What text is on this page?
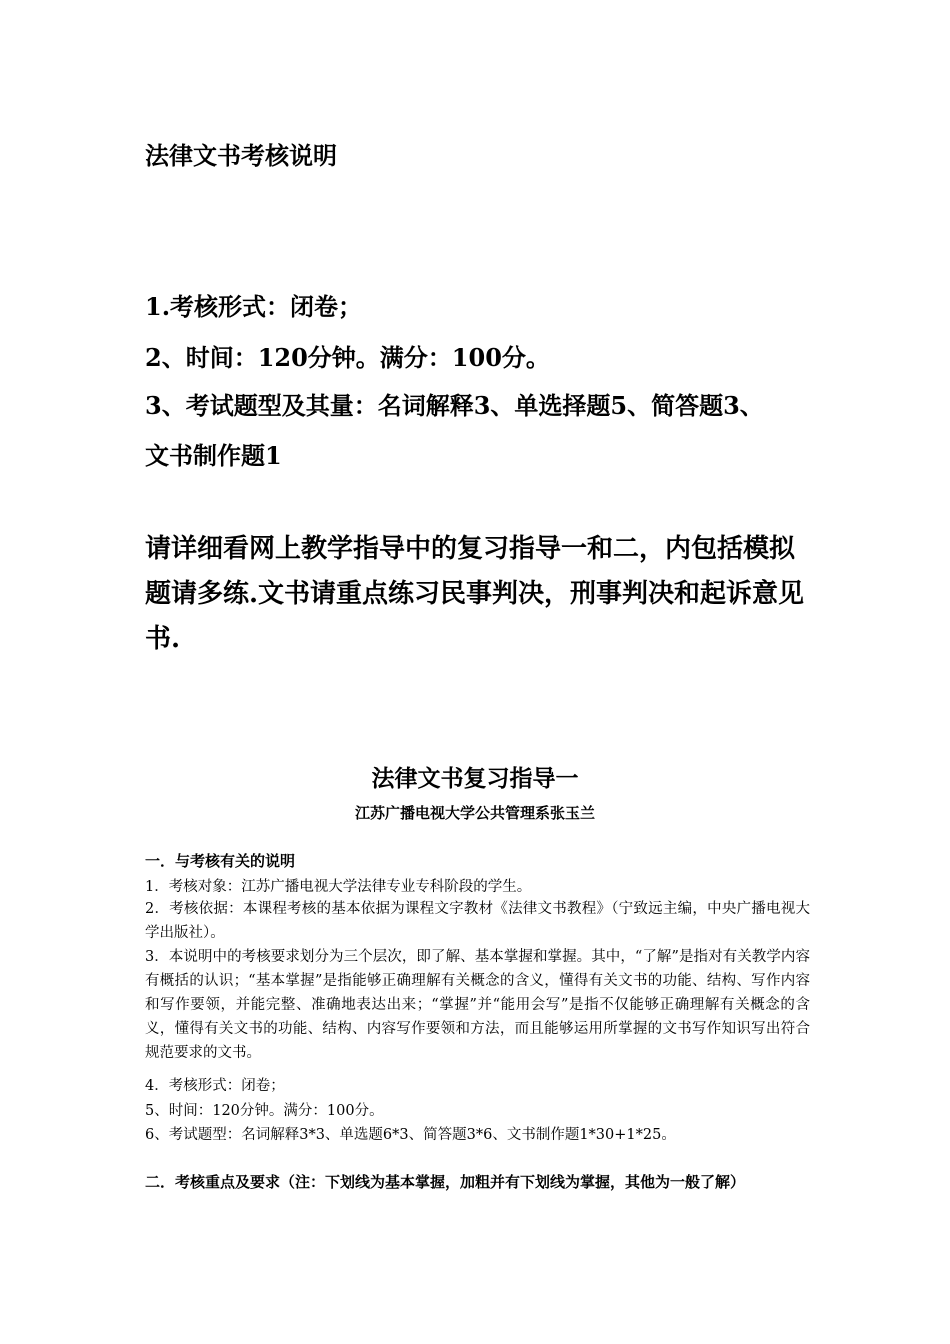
法律文书考核说明
1.考核形式：闭卷；
2、时间：120分钟。满分：100分。
3、考试题型及其量：名词解释3、单选择题5、简答题3、
文书制作题1
请详细看网上教学指导中的复习指导一和二，内包括模拟题请多练.文书请重点练习民事判决，刑事判决和起诉意见书.
法律文书复习指导一
江苏广播电视大学公共管理系张玉兰
一．与考核有关的说明
1．考核对象：江苏广播电视大学法律专业专科阶段的学生。
2．考核依据：本课程考核的基本依据为课程文字教材《法律文书教程》（宁致远主编，中央广播电视大学出版社）。
3．本说明中的考核要求划分为三个层次，即了解、基本掌握和掌握。其中，“了解”是指对有关教学内容有概括的认识；“基本掌握”是指能够正确理解有关概念的含义，懂得有关文书的功能、结构、写作内容和写作要领，并能完整、准确地表达出来；“掌握”并“能用会写”是指不仅能够正确理解有关概念的含义，懂得有关文书的功能、结构、内容写作要领和方法，而且能够运用所掌握的文书写作知识写出符合规范要求的文书。
4．考核形式：闭卷；
5、时间：120分钟。满分：100分。
6、考试题型：名词解释3*3、单选题6*3、简答题3*6、文书制作题1*30+1*25。
二．考核重点及要求（注：下划线为基本掌握，加粗并有下划线为掌握，其他为一般了解）
